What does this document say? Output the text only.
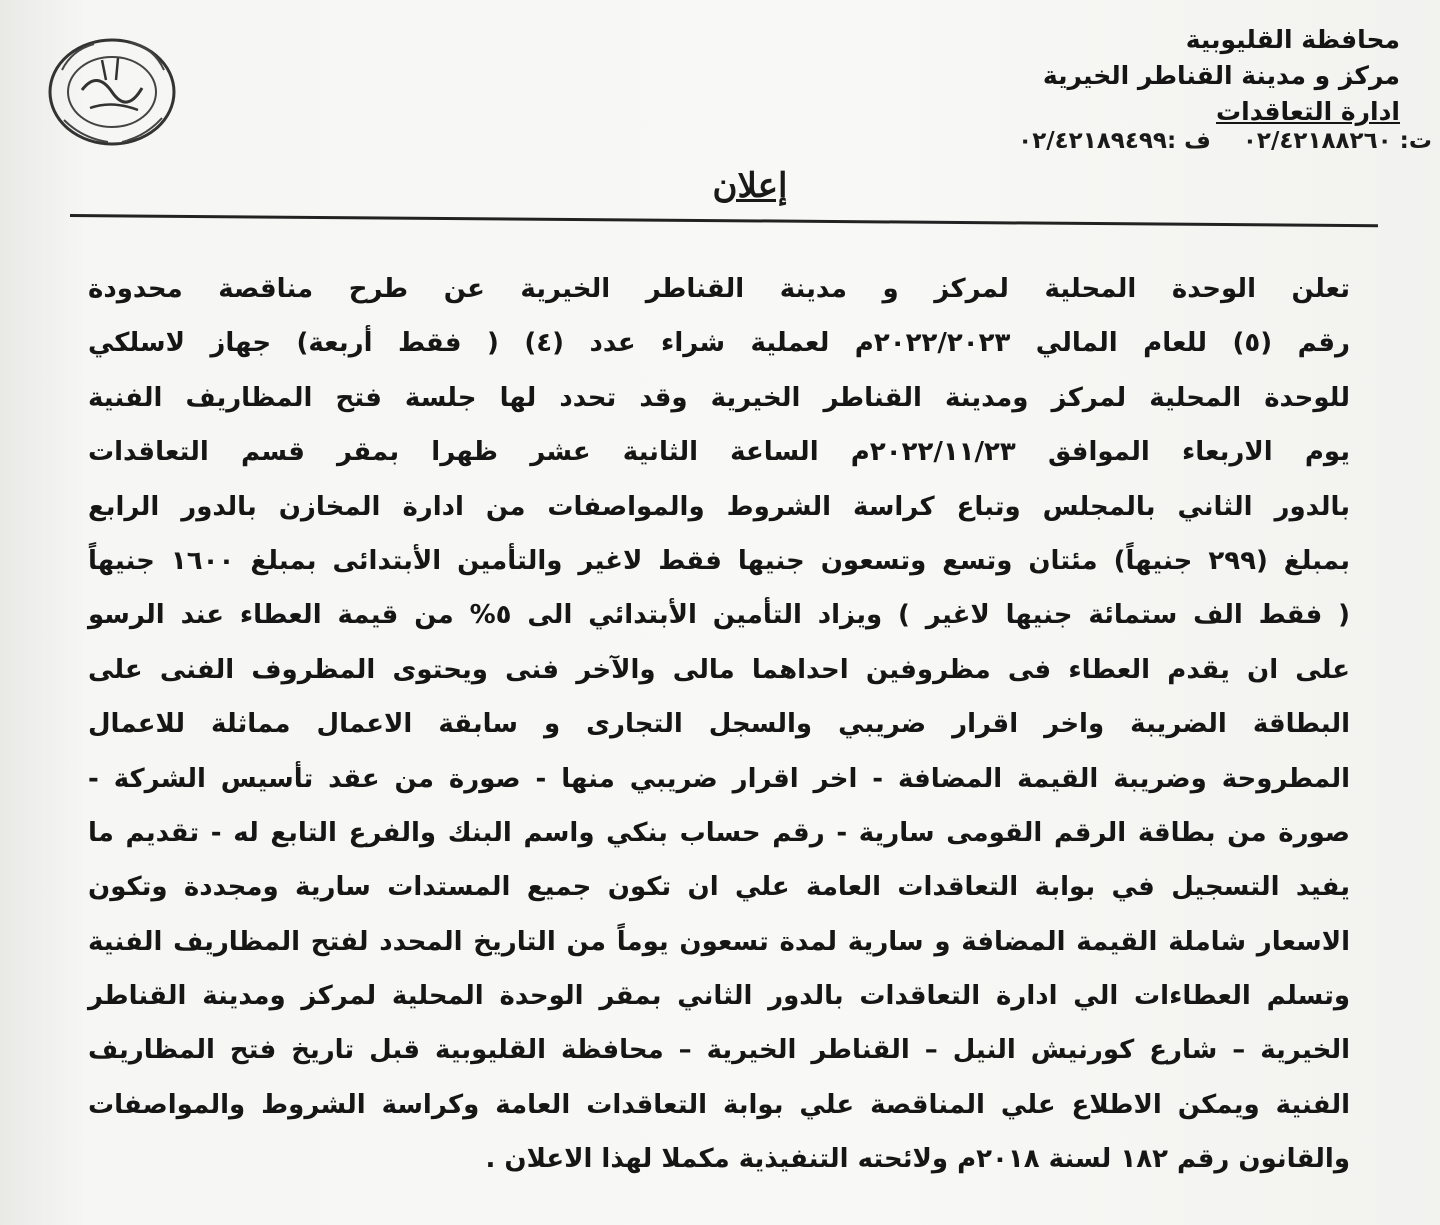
محافظة القليوبية
مركز و مدينة القناطر الخيرية
ادارة التعاقدات
ت: ٠٢/٤٢١٨٨٢٦٠ ف :٠٢/٤٢١٨٩٤٩٩
إعلان
تعلن الوحدة المحلية لمركز و مدينة القناطر الخيرية عن طرح مناقصة محدودة
رقم (٥) للعام المالي ٢٠٢٢/٢٠٢٣م لعملية شراء عدد (٤) ( فقط أربعة) جهاز لاسلكي
للوحدة المحلية لمركز ومدينة القناطر الخيرية وقد تحدد لها جلسة فتح المظاريف الفنية
يوم الاربعاء الموافق ٢٠٢٢/١١/٢٣م الساعة الثانية عشر ظهرا بمقر قسم التعاقدات
بالدور الثاني بالمجلس وتباع كراسة الشروط والمواصفات من ادارة المخازن بالدور الرابع
بمبلغ (٢٩٩ جنيهاً) مئتان وتسع وتسعون جنيها فقط لاغير والتأمين الأبتدائى بمبلغ ١٦٠٠ جنيهاً
( فقط الف ستمائة جنيها لاغير ) ويزاد التأمين الأبتدائي الى ٥% من قيمة العطاء عند الرسو
على ان يقدم العطاء فى مظروفين احداهما مالى والآخر فنى ويحتوى المظروف الفنى على
البطاقة الضريبة واخر اقرار ضريبي والسجل التجارى و سابقة الاعمال مماثلة للاعمال
المطروحة وضريبة القيمة المضافة - اخر اقرار ضريبي منها - صورة من عقد تأسيس الشركة -
صورة من بطاقة الرقم القومى سارية - رقم حساب بنكي واسم البنك والفرع التابع له - تقديم ما
يفيد التسجيل في بوابة التعاقدات العامة علي ان تكون جميع المستدات سارية ومجددة وتكون
الاسعار شاملة القيمة المضافة و سارية لمدة تسعون يوماً من التاريخ المحدد لفتح المظاريف الفنية
وتسلم العطاءات الي ادارة التعاقدات بالدور الثاني بمقر الوحدة المحلية لمركز ومدينة القناطر
الخيرية – شارع كورنيش النيل – القناطر الخيرية – محافظة القليوبية قبل تاريخ فتح المظاريف
الفنية ويمكن الاطلاع علي المناقصة علي بوابة التعاقدات العامة وكراسة الشروط والمواصفات
والقانون رقم ١٨٢ لسنة ٢٠١٨م ولائحته التنفيذية مكملا لهذا الاعلان .
